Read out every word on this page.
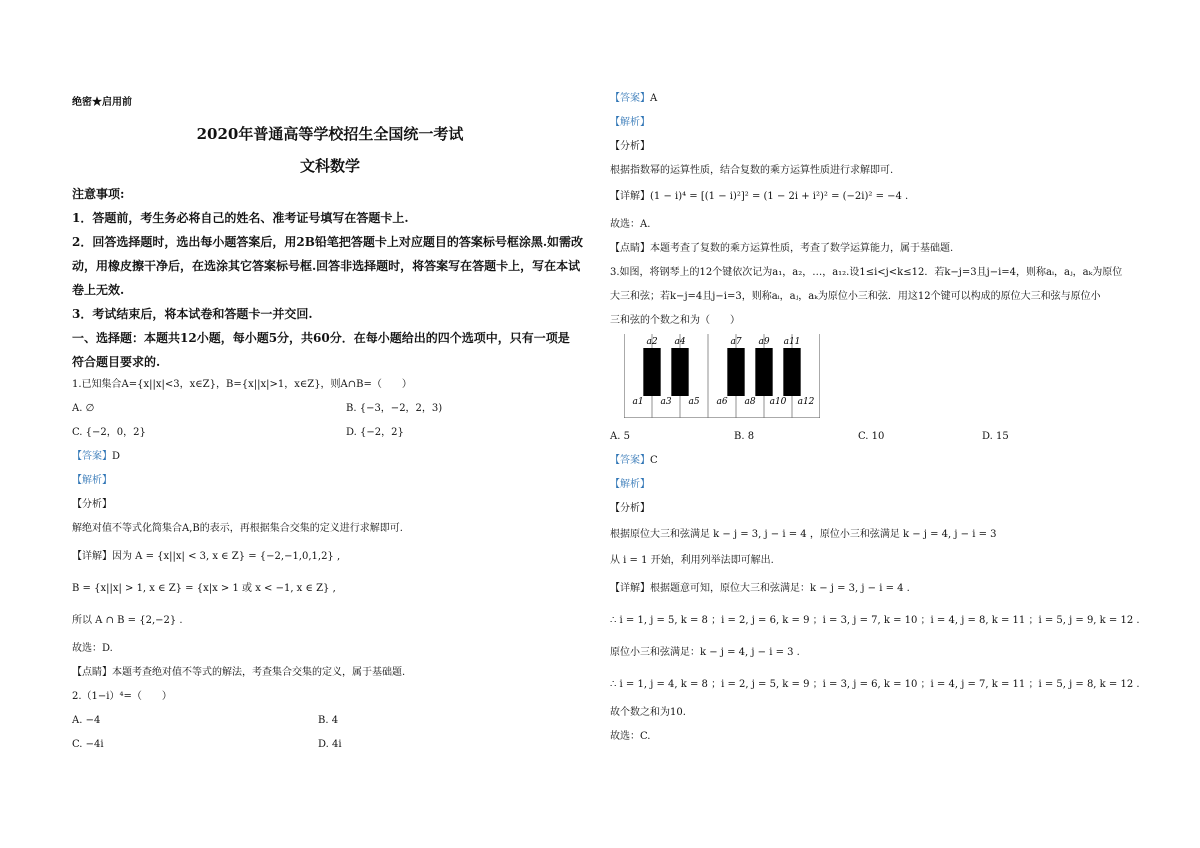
绝密★启用前
2020年普通高等学校招生全国统一考试
文科数学
注意事项:
1．答题前，考生务必将自己的姓名、准考证号填写在答题卡上.
2．回答选择题时，选出每小题答案后，用2B铅笔把答题卡上对应题目的答案标号框涂黑.如需改
动，用橡皮擦干净后，在选涂其它答案标号框.回答非选择题时，将答案写在答题卡上，写在本试
卷上无效.
3．考试结束后，将本试卷和答题卡一并交回.
一、选择题：本题共12小题，每小题5分，共60分．在每小题给出的四个选项中，只有一项是
符合题目要求的.
1.已知集合A={x||x|<3，x∈Z}，B={x||x|>1，x∈Z}，则A∩B=（　　）
A. ∅	B. {−3，−2，2，3)
C. {−2，0，2}	D. {−2，2}
【答案】D
【解析】
【分析】
解绝对值不等式化简集合A,B的表示，再根据集合交集的定义进行求解即可.
【详解】因为 A = {x||x| < 3, x ∈ Z} = {−2,−1,0,1,2} ,
B = {x||x| > 1, x ∈ Z} = {x|x > 1 或 x < −1, x ∈ Z} ,
所以 A ∩ B = {2,−2} .
故选：D.
【点睛】本题考查绝对值不等式的解法，考查集合交集的定义，属于基础题.
2.（1−i）⁴=（　　）
A. −4	B. 4
C. −4i	D. 4i
【答案】A
【解析】
【分析】
根据指数幂的运算性质，结合复数的乘方运算性质进行求解即可.
【详解】(1 − i)⁴ = [(1 − i)²]² = (1 − 2i + i²)² = (−2i)² = −4 .
故选：A.
【点睛】本题考查了复数的乘方运算性质，考查了数学运算能力，属于基础题.
3.如图，将钢琴上的12个键依次记为a₁，a₂，…，a₁₂.设1≤i<j<k≤12．若k−j=3且j−i=4，则称aᵢ，aⱼ，aₖ为原位
大三和弦；若k−j=4且j−i=3，则称aᵢ，aⱼ，aₖ为原位小三和弦．用这12个键可以构成的原位大三和弦与原位小
三和弦的个数之和为（　　）
A. 5	B. 8	C. 10	D. 15
【答案】C
【解析】
【分析】
根据原位大三和弦满足 k − j = 3, j − i = 4 ，原位小三和弦满足 k − j = 4, j − i = 3
从 i = 1 开始，利用列举法即可解出.
【详解】根据题意可知，原位大三和弦满足：k − j = 3, j − i = 4 .
∴ i = 1, j = 5, k = 8 ；i = 2, j = 6, k = 9 ；i = 3, j = 7, k = 10 ；i = 4, j = 8, k = 11 ；i = 5, j = 9, k = 12 .
原位小三和弦满足：k − j = 4, j − i = 3 .
∴ i = 1, j = 4, k = 8 ；i = 2, j = 5, k = 9 ；i = 3, j = 6, k = 10 ；i = 4, j = 7, k = 11 ；i = 5, j = 8, k = 12 .
故个数之和为10.
故选：C.
a1 a3 a5 a6 a8 a10 a12
a2 a4	a7 a9 a11
